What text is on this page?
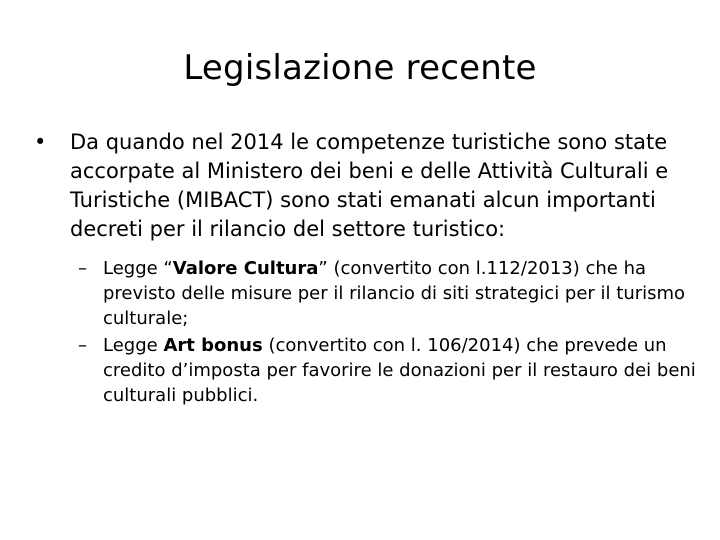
Legislazione recente
•	Da quando nel 2014 le competenze turistiche sono state accorpate al Ministero dei beni e delle Attività Culturali e Turistiche (MIBACT) sono stati emanati alcun importanti decreti per il rilancio del settore turistico:
– Legge “Valore Cultura” (convertito con l.112/2013) che ha previsto delle misure per il rilancio di siti strategici per il turismo culturale;
– Legge Art bonus (convertito con l. 106/2014) che prevede un credito d’imposta per favorire le donazioni per il restauro dei beni culturali pubblici.
